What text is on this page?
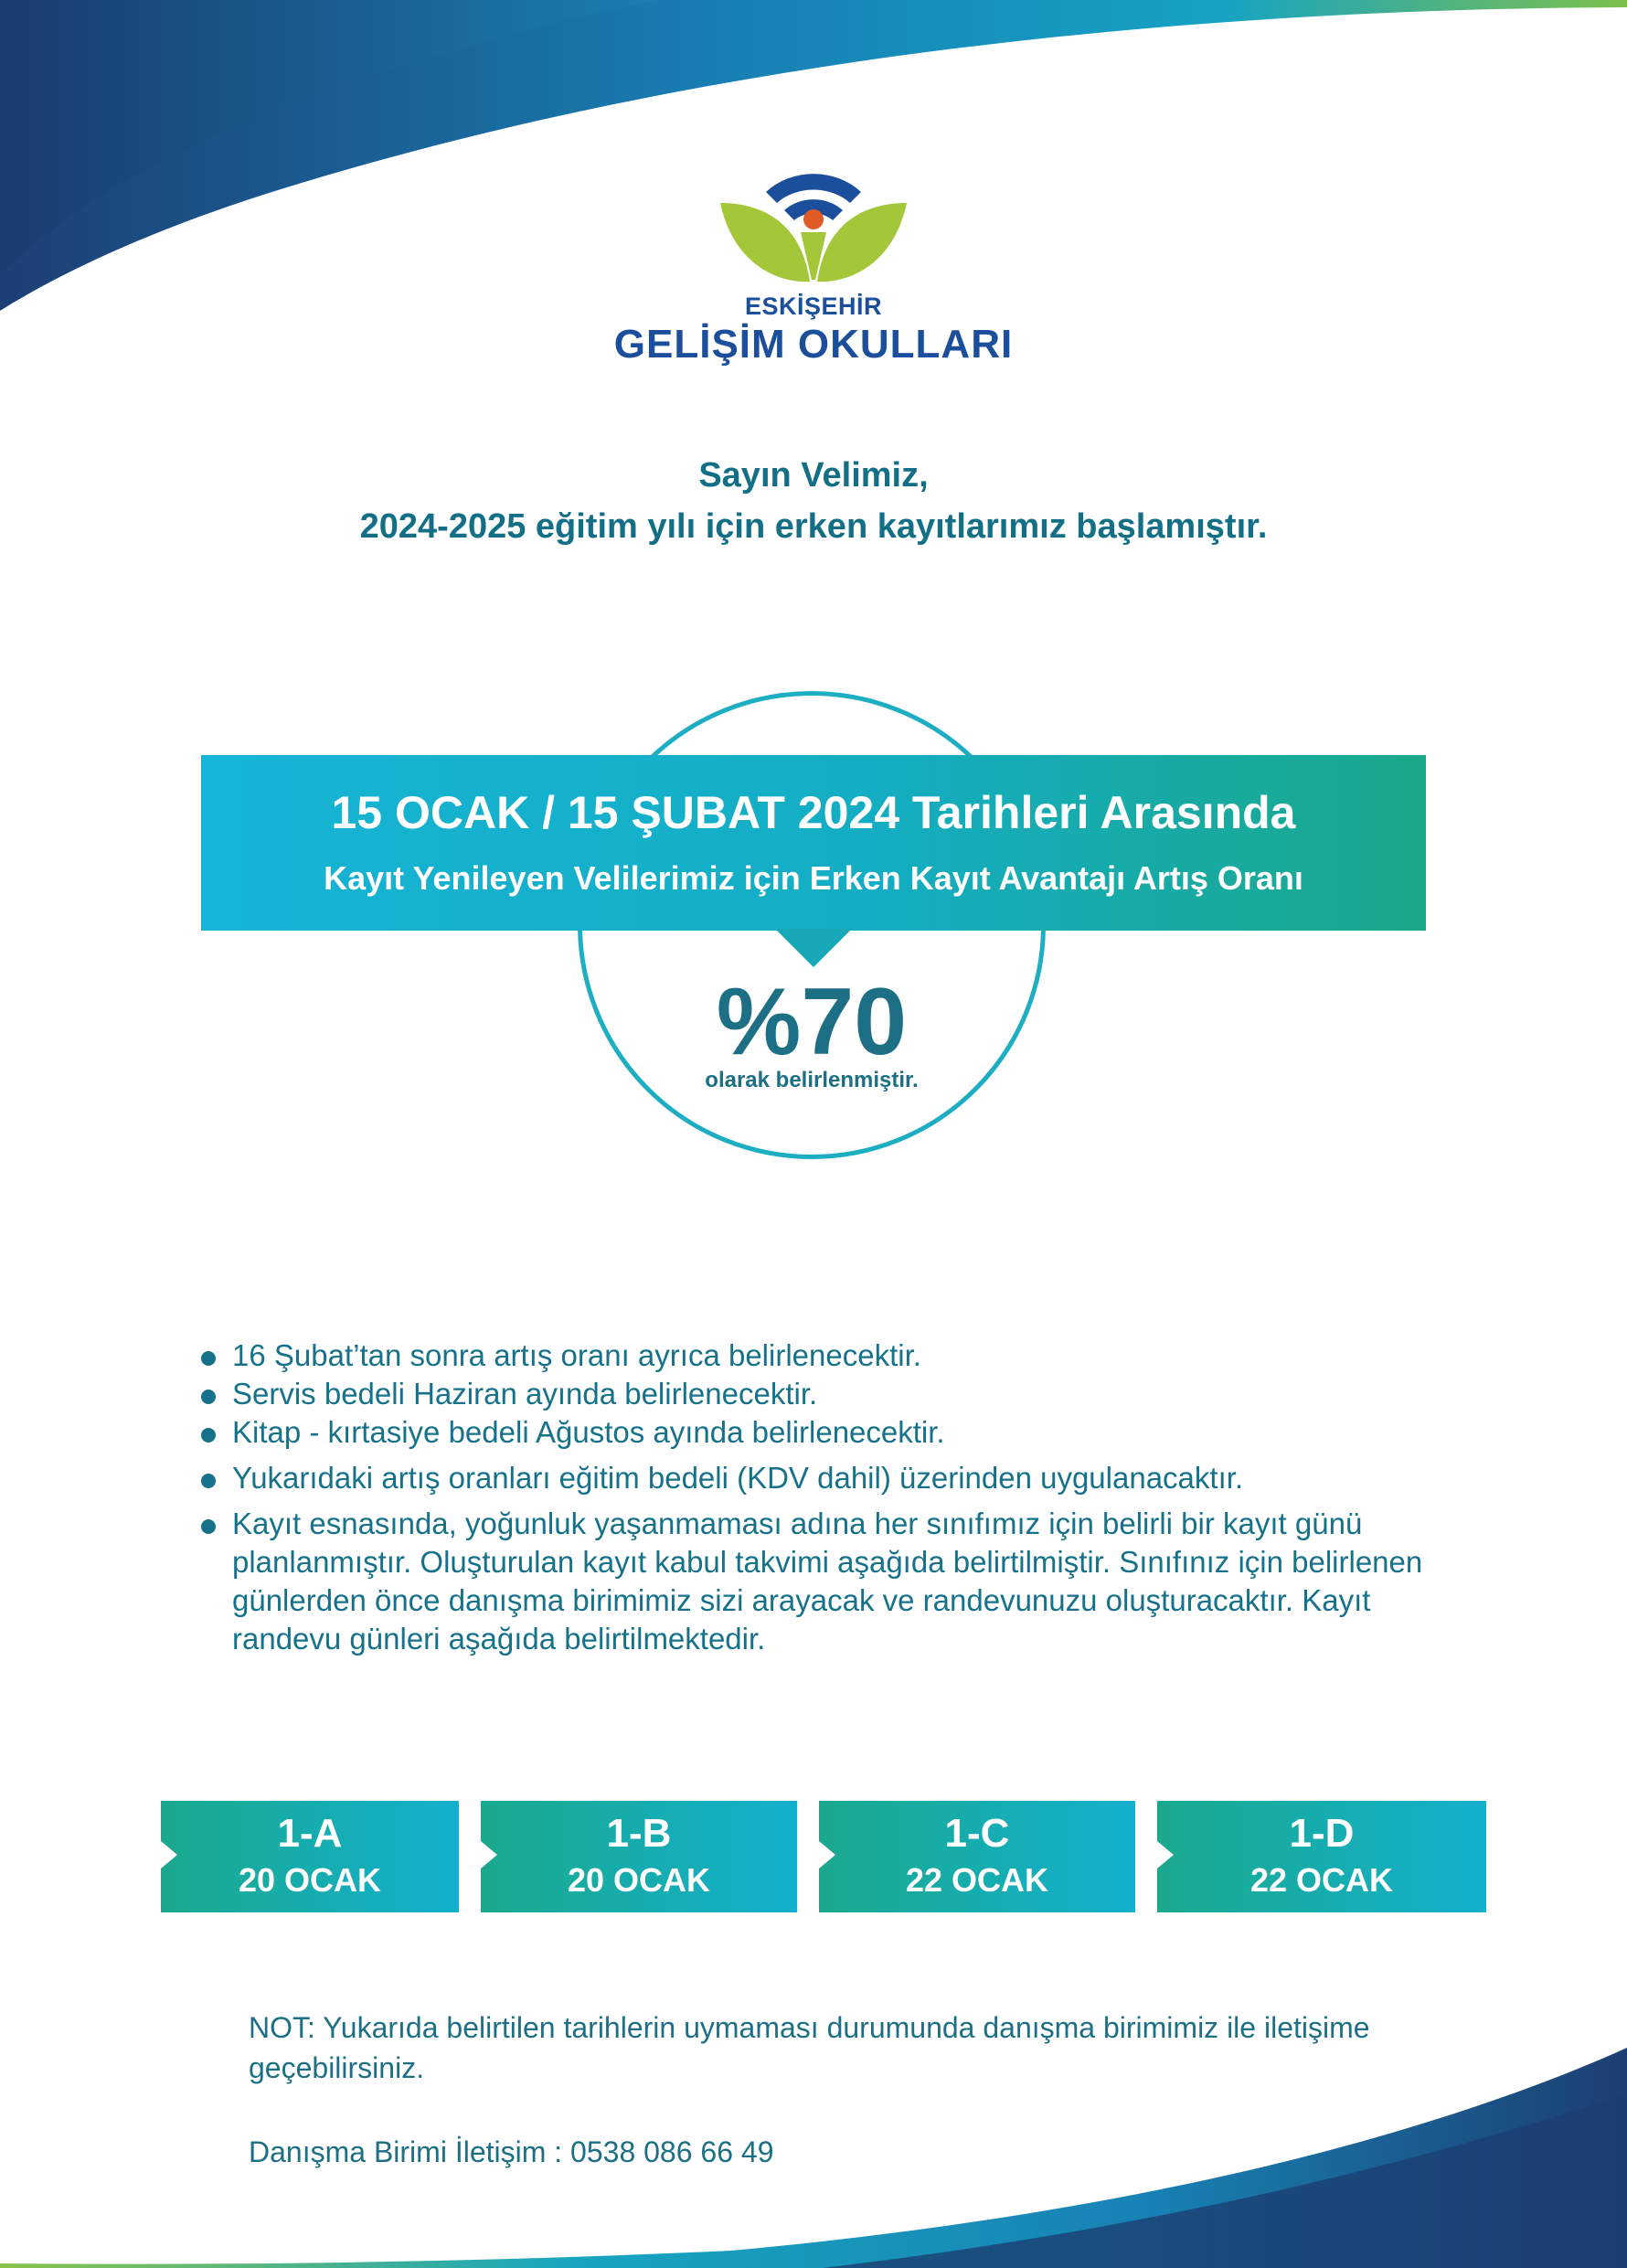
ESKİŞEHİR
GELİŞİM OKULLARI
Sayın Velimiz,
2024-2025 eğitim yılı için erken kayıtlarımız başlamıştır.
15 OCAK / 15 ŞUBAT 2024 Tarihleri Arasında
Kayıt Yenileyen Velilerimiz için Erken Kayıt Avantajı Artış Oranı
%70
olarak belirlenmiştir.
16 Şubat’tan sonra artış oranı ayrıca belirlenecektir.
Servis bedeli Haziran ayında belirlenecektir.
Kitap - kırtasiye bedeli Ağustos ayında belirlenecektir.
Yukarıdaki artış oranları eğitim bedeli (KDV dahil) üzerinden uygulanacaktır.
Kayıt esnasında, yoğunluk yaşanmaması adına her sınıfımız için belirli bir kayıt günü planlanmıştır. Oluşturulan kayıt kabul takvimi aşağıda belirtilmiştir. Sınıfınız için belirlenen günlerden önce danışma birimimiz sizi arayacak ve randevunuzu oluşturacaktır. Kayıt randevu günleri aşağıda belirtilmektedir.
1-A
20 OCAK
1-B
20 OCAK
1-C
22 OCAK
1-D
22 OCAK
NOT: Yukarıda belirtilen tarihlerin uymaması durumunda danışma birimimiz ile iletişime geçebilirsiniz.
Danışma Birimi İletişim : 0538 086 66 49
